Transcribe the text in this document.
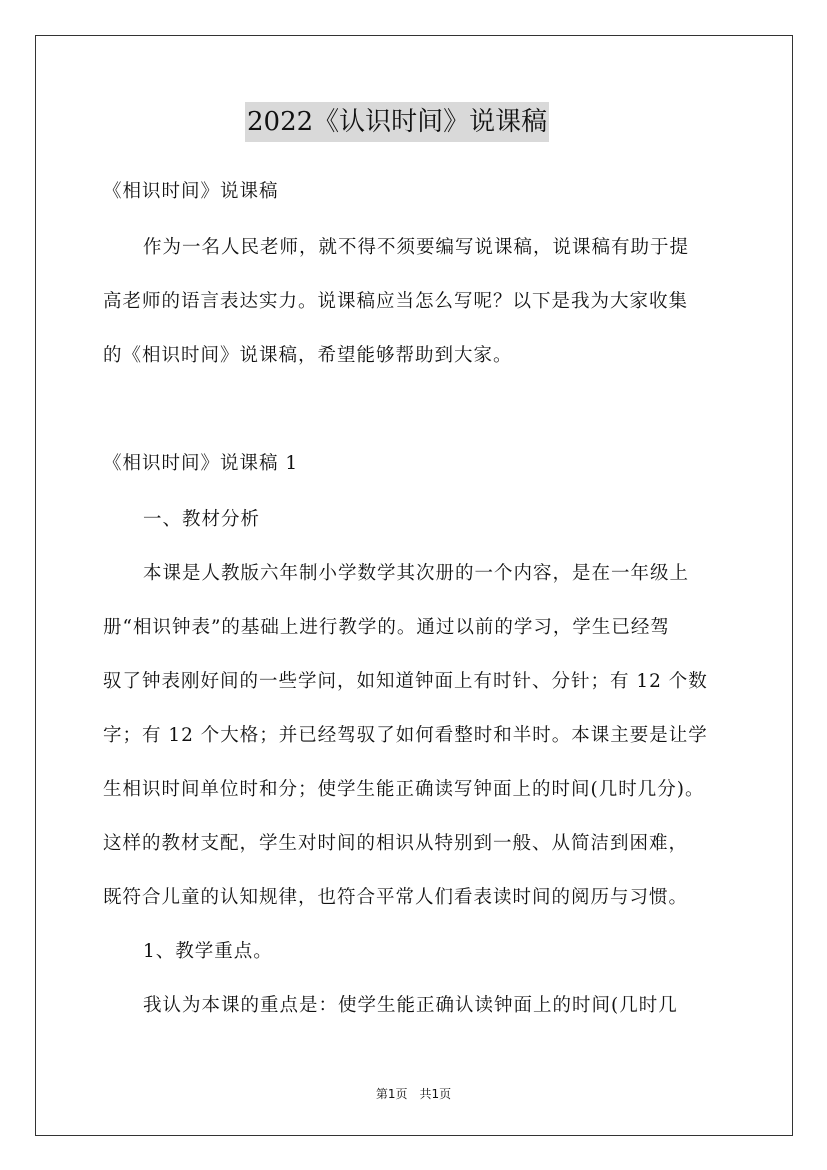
2022《认识时间》说课稿
《相识时间》说课稿
作为一名人民老师，就不得不须要编写说课稿，说课稿有助于提
高老师的语言表达实力。说课稿应当怎么写呢？以下是我为大家收集
的《相识时间》说课稿，希望能够帮助到大家。
《相识时间》说课稿 1
一、教材分析
本课是人教版六年制小学数学其次册的一个内容，是在一年级上
册“相识钟表”的基础上进行教学的。通过以前的学习，学生已经驾
驭了钟表刚好间的一些学问，如知道钟面上有时针、分针；有 12 个数
字；有 12 个大格；并已经驾驭了如何看整时和半时。本课主要是让学
生相识时间单位时和分；使学生能正确读写钟面上的时间(几时几分)。
这样的教材支配，学生对时间的相识从特别到一般、从简洁到困难，
既符合儿童的认知规律，也符合平常人们看表读时间的阅历与习惯。
1、教学重点。
我认为本课的重点是：使学生能正确认读钟面上的时间(几时几
第1页　共1页
